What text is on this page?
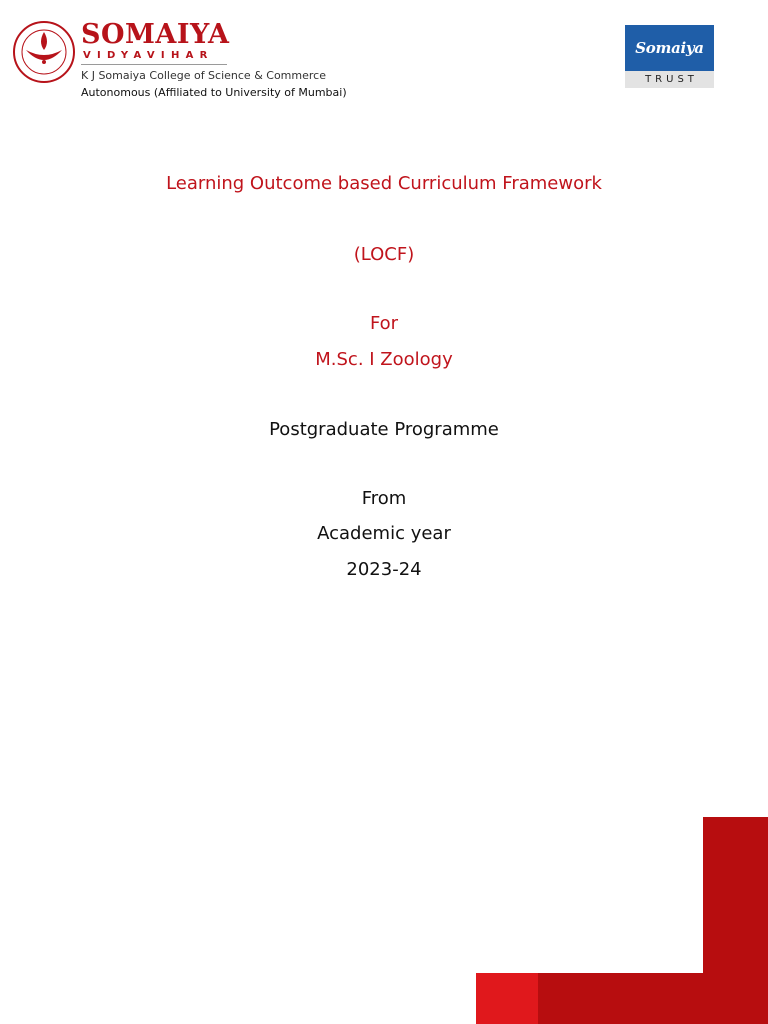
SOMAIYA
VIDYAVIHAR
K J Somaiya College of Science & Commerce
Autonomous (Affiliated to University of Mumbai)
Somaiya
TRUST
Learning Outcome based Curriculum Framework
(LOCF)
For
M.Sc. I Zoology
Postgraduate Programme
From
Academic year
2023-24
